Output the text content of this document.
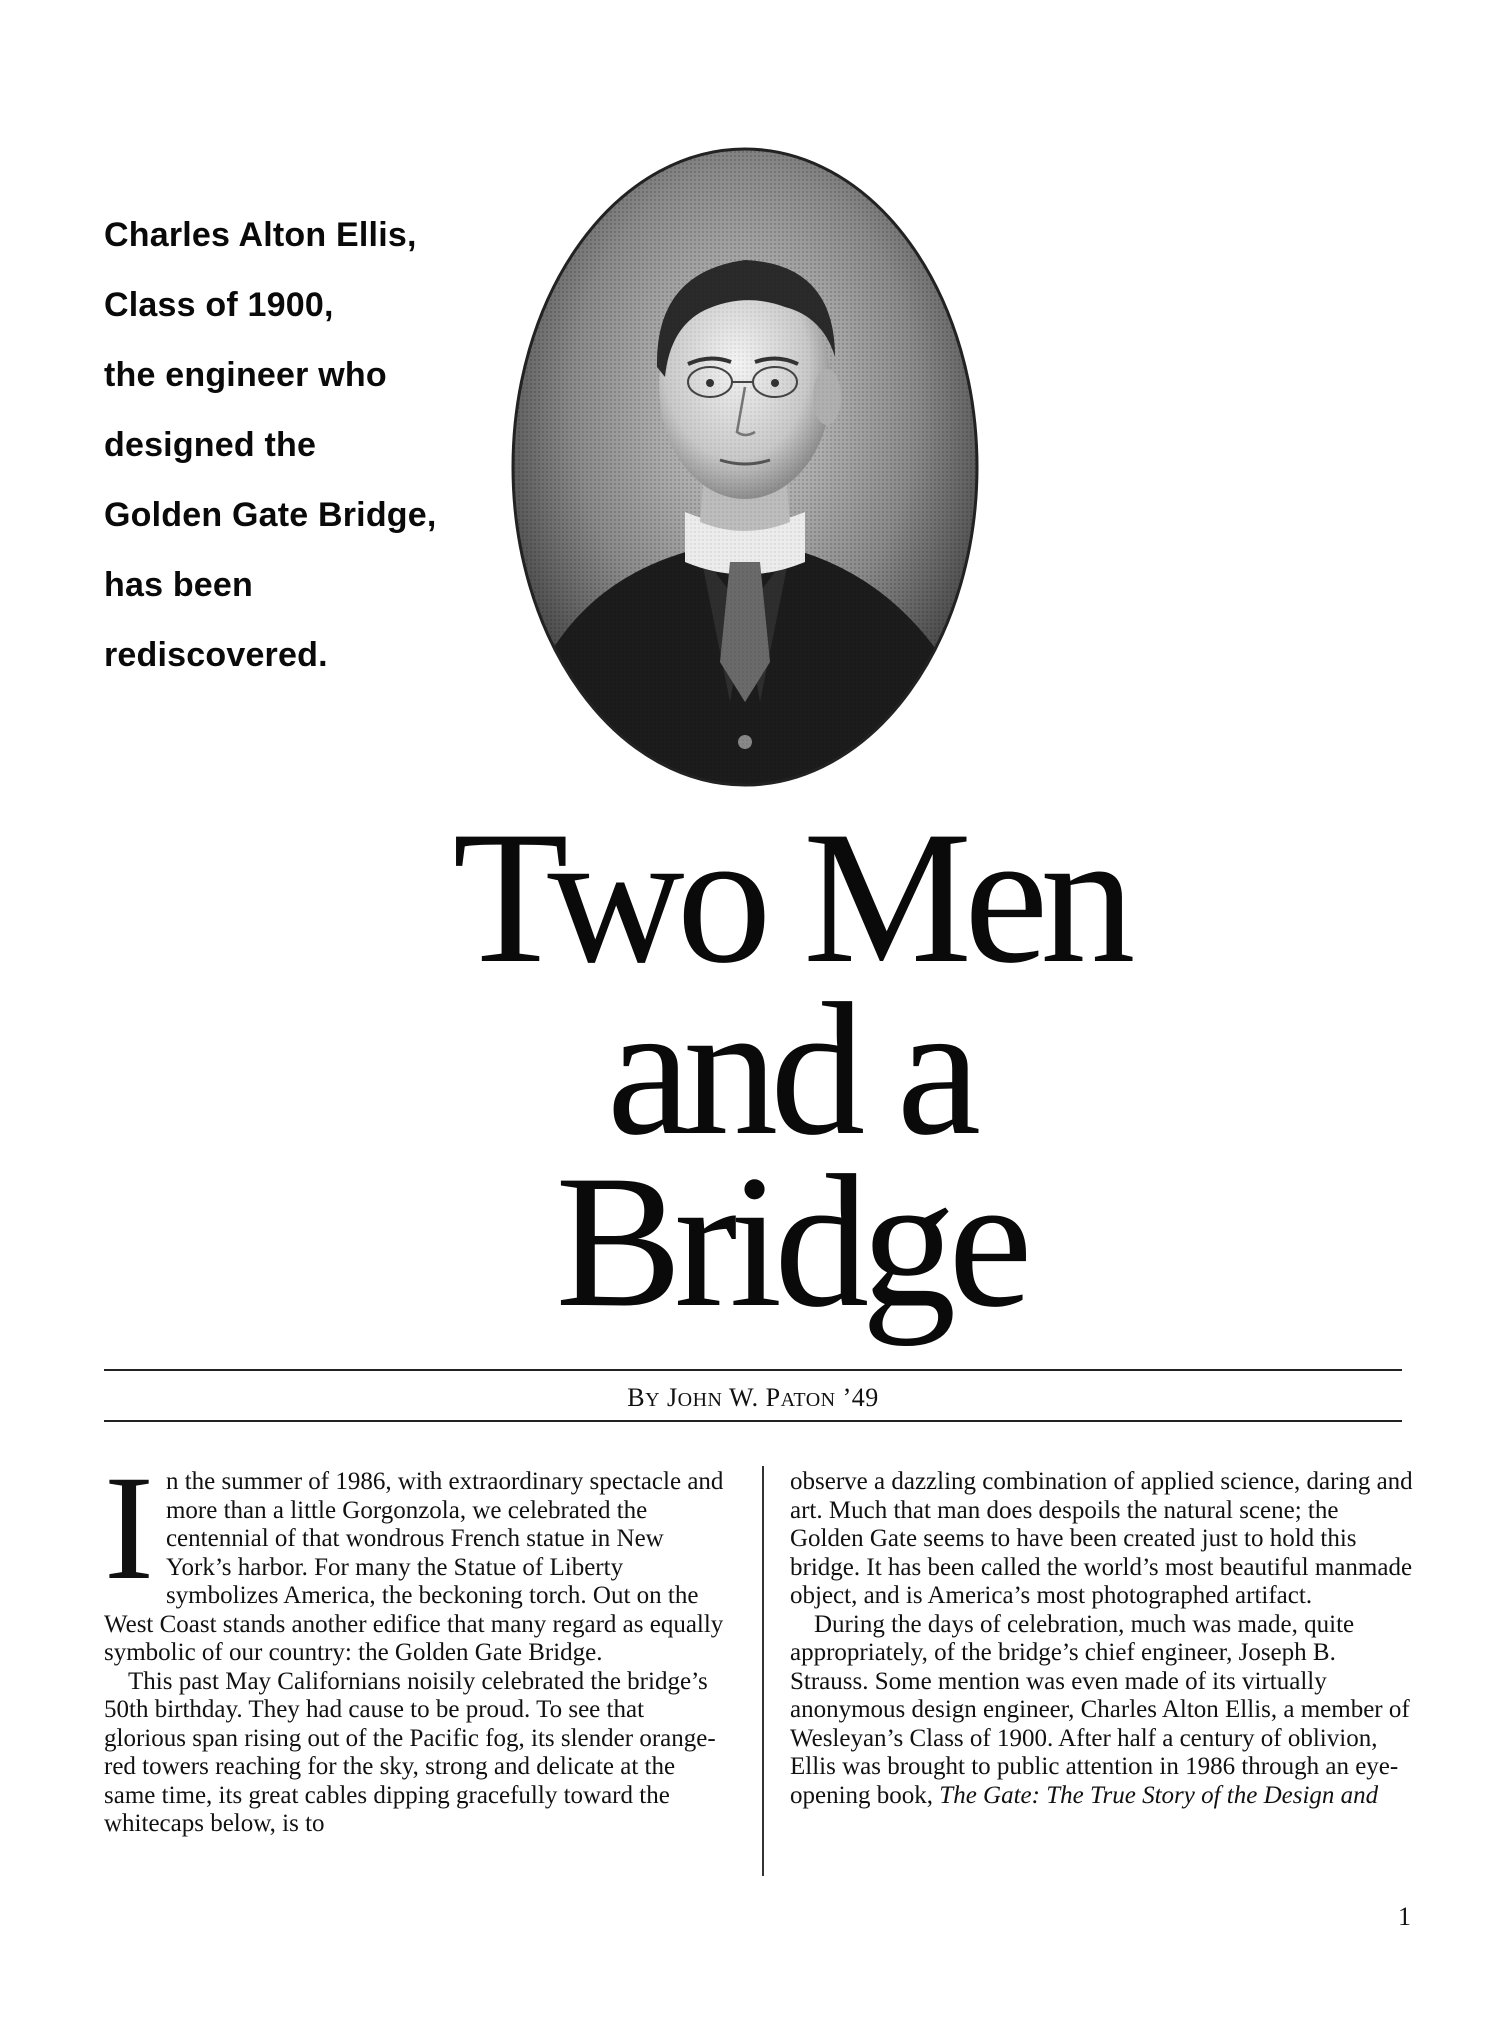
Charles Alton Ellis,
Class of 1900,
the engineer who
designed the
Golden Gate Bridge,
has been
rediscovered.
Two Men
and a
Bridge
BY JOHN W. PATON ’49

In the summer of 1986, with extraordinary spectacle and more than a little Gorgonzola, we celebrated the centennial of that wondrous French statue in New York’s harbor. For many the Statue of Liberty symbolizes America, the beckoning torch. Out on the West Coast stands another edifice that many regard as equally symbolic of our country: the Golden Gate Bridge.

This past May Californians noisily celebrated the bridge’s 50th birthday. They had cause to be proud. To see that glorious span rising out of the Pacific fog, its slender orange-red towers reaching for the sky, strong and delicate at the same time, its great cables dipping gracefully toward the whitecaps below, is to

observe a dazzling combination of applied science, daring and art. Much that man does despoils the natural scene; the Golden Gate seems to have been created just to hold this bridge. It has been called the world’s most beautiful manmade object, and is America’s most photographed artifact.

During the days of celebration, much was made, quite appropriately, of the bridge’s chief engineer, Joseph B. Strauss. Some mention was even made of its virtually anonymous design engineer, Charles Alton Ellis, a member of Wesleyan’s Class of 1900. After half a century of oblivion, Ellis was brought to public attention in 1986 through an eye-opening book, The Gate: The True Story of the Design and

1
